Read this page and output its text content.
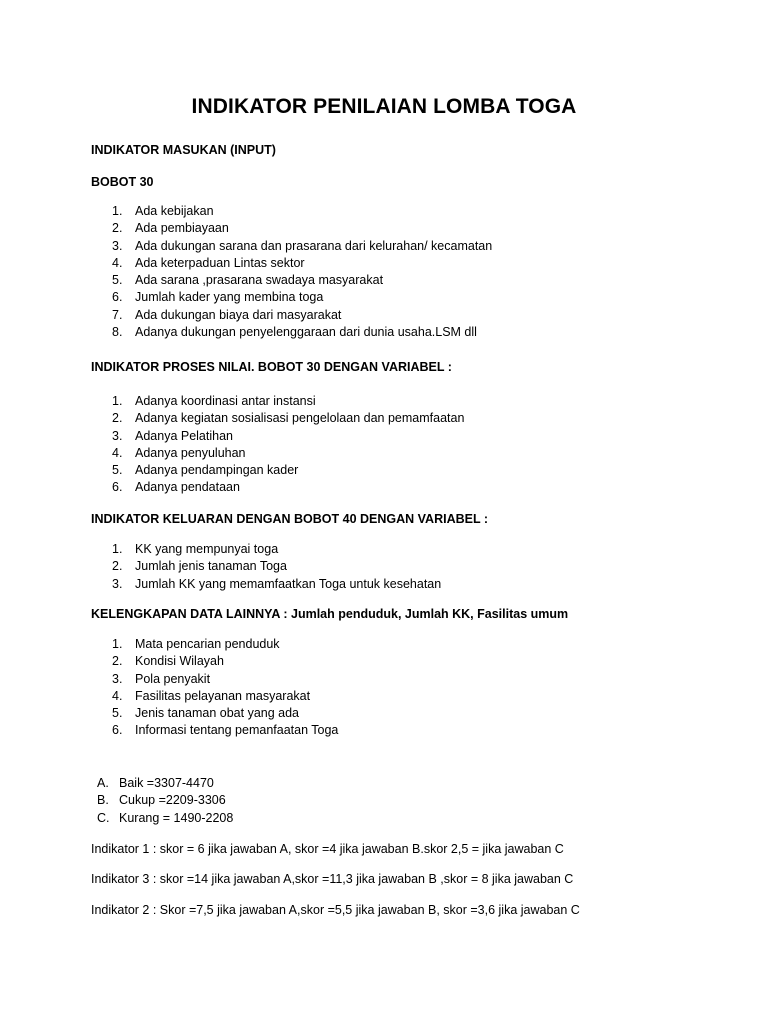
INDIKATOR PENILAIAN LOMBA TOGA
INDIKATOR MASUKAN (INPUT)
BOBOT 30
1. Ada kebijakan
2. Ada pembiayaan
3. Ada dukungan sarana dan prasarana dari kelurahan/ kecamatan
4. Ada keterpaduan Lintas sektor
5. Ada sarana ,prasarana swadaya masyarakat
6. Jumlah kader yang membina toga
7. Ada dukungan biaya dari masyarakat
8. Adanya dukungan penyelenggaraan dari dunia usaha.LSM dll
INDIKATOR PROSES NILAI. BOBOT 30 DENGAN VARIABEL :
1. Adanya koordinasi antar instansi
2. Adanya kegiatan sosialisasi pengelolaan dan pemamfaatan
3. Adanya Pelatihan
4. Adanya penyuluhan
5. Adanya pendampingan kader
6. Adanya pendataan
INDIKATOR KELUARAN DENGAN BOBOT 40 DENGAN VARIABEL :
1. KK yang mempunyai toga
2. Jumlah jenis tanaman Toga
3. Jumlah KK yang memamfaatkan Toga untuk kesehatan
KELENGKAPAN DATA LAINNYA : Jumlah penduduk, Jumlah KK, Fasilitas umum
1. Mata pencarian penduduk
2. Kondisi Wilayah
3. Pola penyakit
4. Fasilitas pelayanan masyarakat
5. Jenis tanaman obat yang ada
6. Informasi tentang pemanfaatan Toga
A. Baik =3307-4470
B. Cukup =2209-3306
C. Kurang = 1490-2208
Indikator 1 : skor = 6 jika jawaban A, skor =4 jika jawaban B.skor 2,5 = jika jawaban C
Indikator 3 : skor =14 jika jawaban A,skor =11,3 jika jawaban B ,skor = 8 jika jawaban C
Indikator 2 : Skor =7,5 jika jawaban A,skor =5,5 jika jawaban B, skor =3,6 jika jawaban C
